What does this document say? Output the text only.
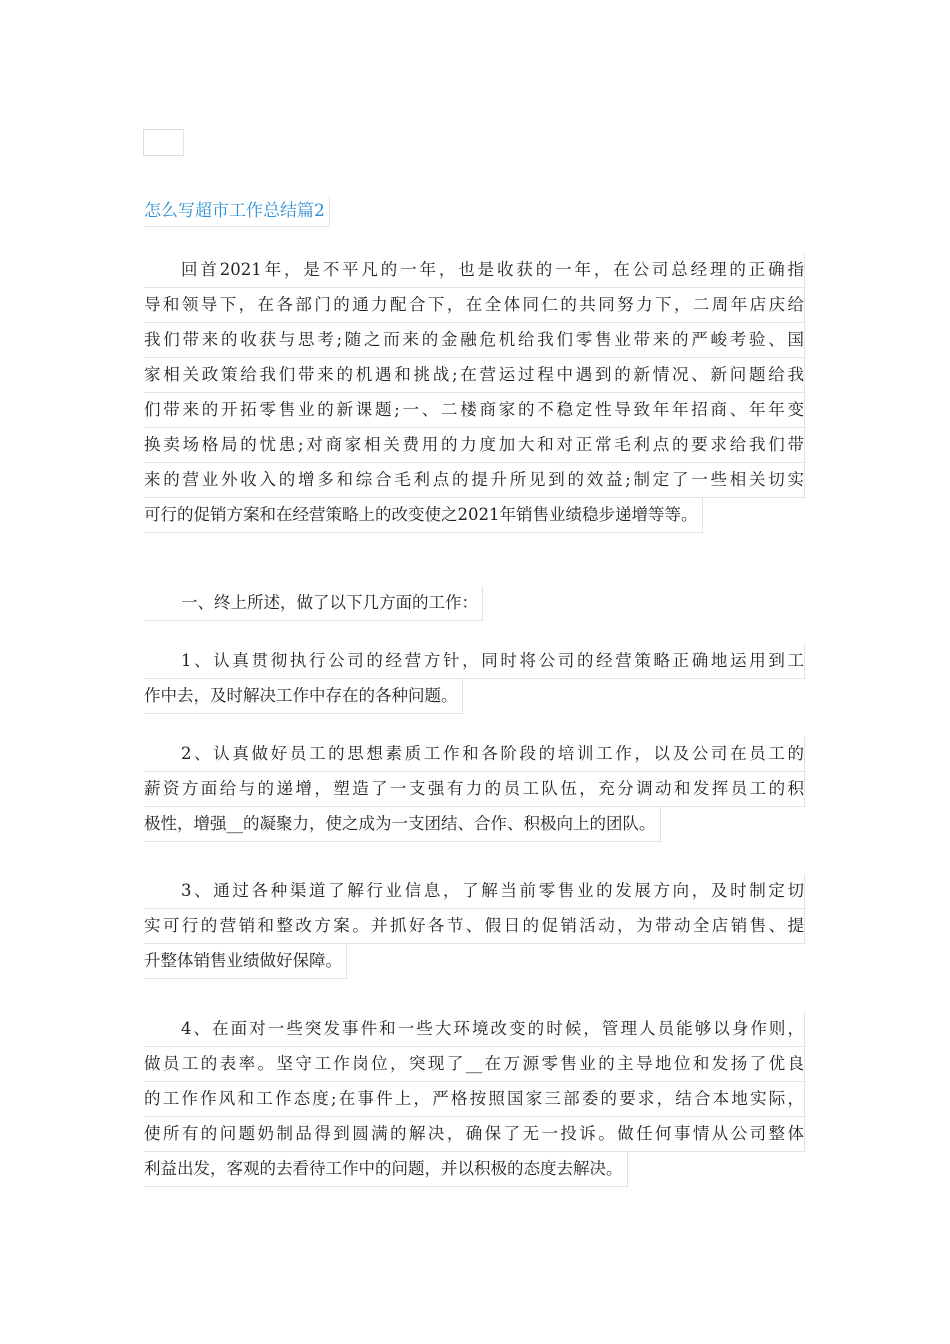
怎么写超市工作总结篇2
回首2021年，是不平凡的一年，也是收获的一年，在公司总经理的正确指
导和领导下，在各部门的通力配合下，在全体同仁的共同努力下，二周年店庆给
我们带来的收获与思考;随之而来的金融危机给我们零售业带来的严峻考验、国
家相关政策给我们带来的机遇和挑战;在营运过程中遇到的新情况、新问题给我
们带来的开拓零售业的新课题;一、二楼商家的不稳定性导致年年招商、年年变
换卖场格局的忧患;对商家相关费用的力度加大和对正常毛利点的要求给我们带
来的营业外收入的增多和综合毛利点的提升所见到的效益;制定了一些相关切实
可行的促销方案和在经营策略上的改变使之2021年销售业绩稳步递增等等。
一、终上所述，做了以下几方面的工作：
1、认真贯彻执行公司的经营方针，同时将公司的经营策略正确地运用到工
作中去，及时解决工作中存在的各种问题。
2、认真做好员工的思想素质工作和各阶段的培训工作，以及公司在员工的
薪资方面给与的递增，塑造了一支强有力的员工队伍，充分调动和发挥员工的积
极性，增强__的凝聚力，使之成为一支团结、合作、积极向上的团队。
3、通过各种渠道了解行业信息，了解当前零售业的发展方向，及时制定切
实可行的营销和整改方案。并抓好各节、假日的促销活动，为带动全店销售、提
升整体销售业绩做好保障。
4、在面对一些突发事件和一些大环境改变的时候，管理人员能够以身作则，
做员工的表率。坚守工作岗位，突现了__在万源零售业的主导地位和发扬了优良
的工作作风和工作态度;在事件上，严格按照国家三部委的要求，结合本地实际，
使所有的问题奶制品得到圆满的解决，确保了无一投诉。做任何事情从公司整体
利益出发，客观的去看待工作中的问题，并以积极的态度去解决。
